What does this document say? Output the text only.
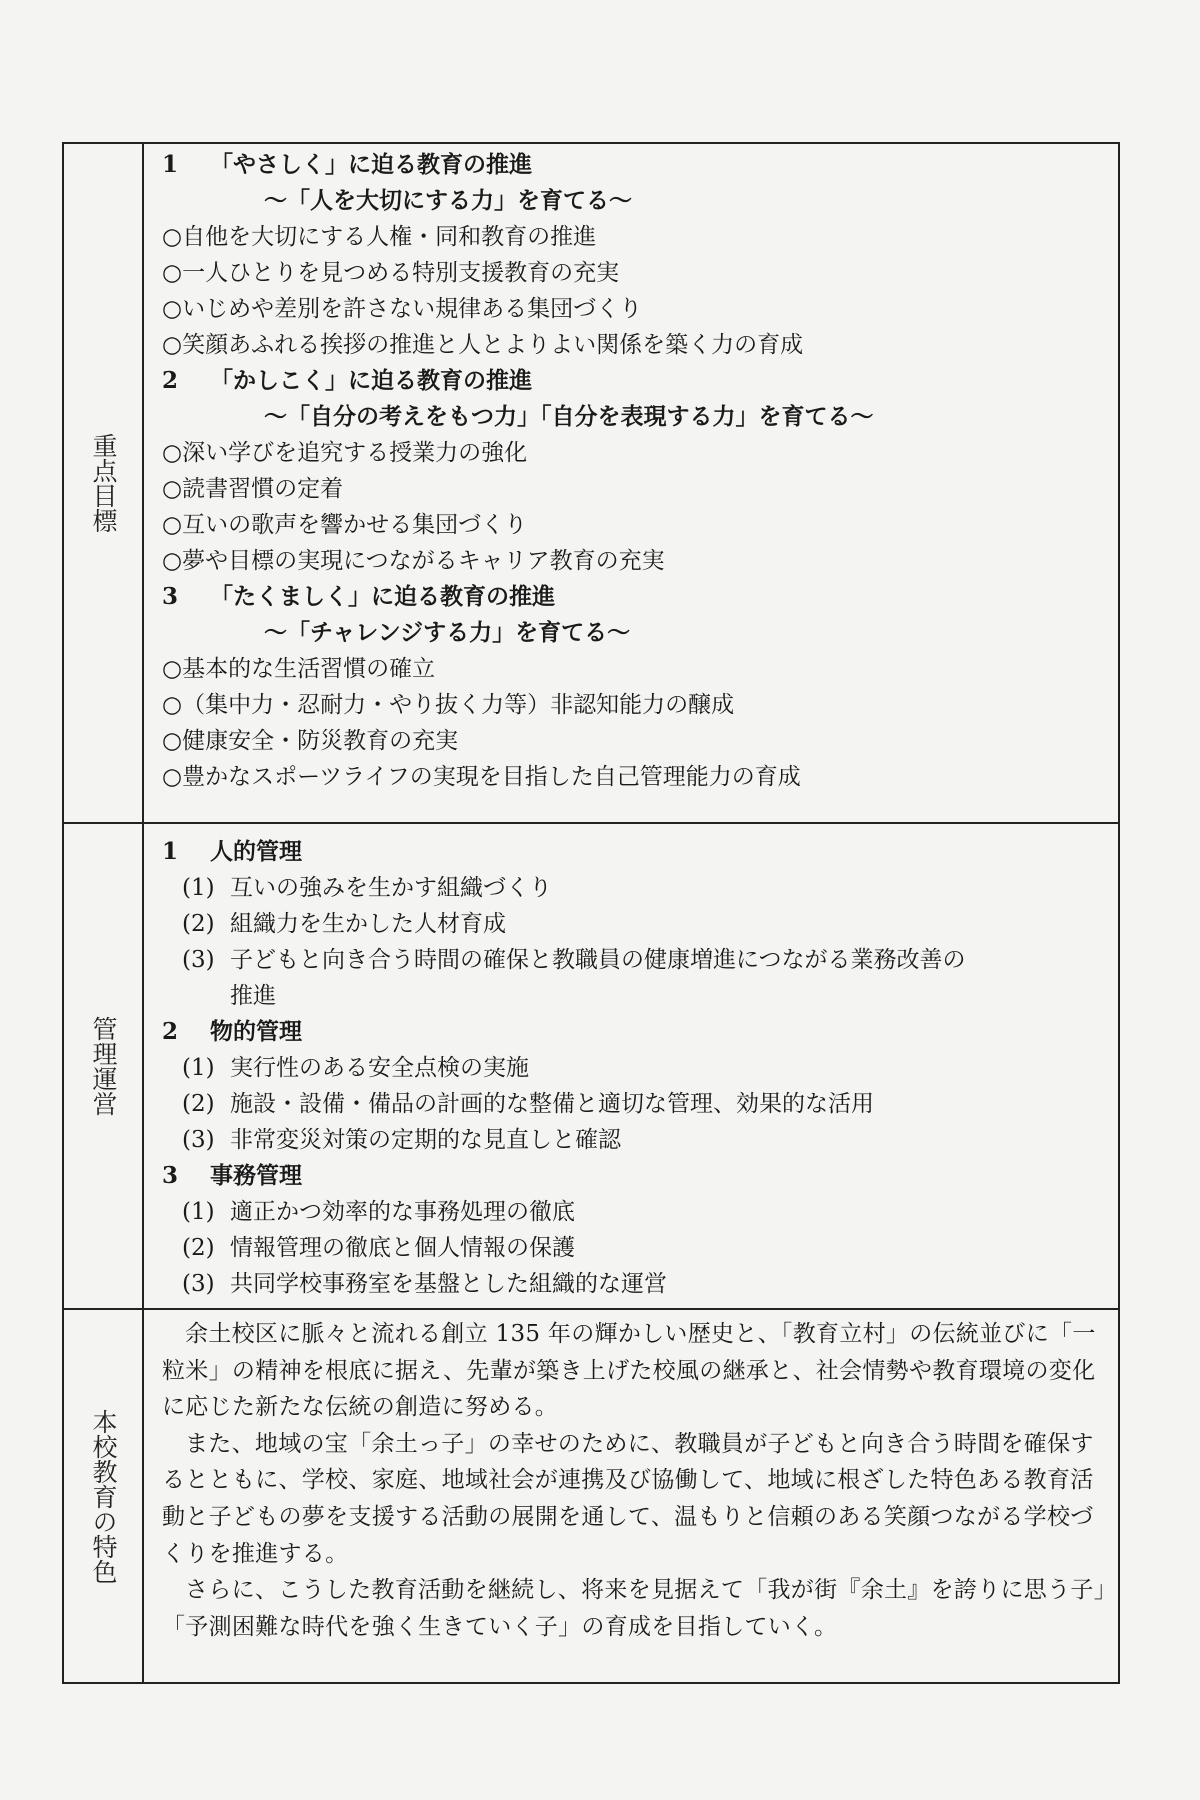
重点目標
1 「やさしく」に迫る教育の推進
～「人を大切にする力」を育てる～
○自他を大切にする人権・同和教育の推進
○一人ひとりを見つめる特別支援教育の充実
○いじめや差別を許さない規律ある集団づくり
○笑顔あふれる挨拶の推進と人とよりよい関係を築く力の育成
2 「かしこく」に迫る教育の推進
～「自分の考えをもつ力」「自分を表現する力」を育てる～
○深い学びを追究する授業力の強化
○読書習慣の定着
○互いの歌声を響かせる集団づくり
○夢や目標の実現につながるキャリア教育の充実
3 「たくましく」に迫る教育の推進
～「チャレンジする力」を育てる～
○基本的な生活習慣の確立
○（集中力・忍耐力・やり抜く力等）非認知能力の醸成
○健康安全・防災教育の充実
○豊かなスポーツライフの実現を目指した自己管理能力の育成
管理運営
1 人的管理
(1) 互いの強みを生かす組織づくり
(2) 組織力を生かした人材育成
(3) 子どもと向き合う時間の確保と教職員の健康増進につながる業務改善の
推進
2 物的管理
(1) 実行性のある安全点検の実施
(2) 施設・設備・備品の計画的な整備と適切な管理、効果的な活用
(3) 非常変災対策の定期的な見直しと確認
3 事務管理
(1) 適正かつ効率的な事務処理の徹底
(2) 情報管理の徹底と個人情報の保護
(3) 共同学校事務室を基盤とした組織的な運営
本校教育の特色

余土校区に脈々と流れる創立 135 年の輝かしい歴史と、「教育立村」の伝統並びに「一粒米」の精神を根底に据え、先輩が築き上げた校風の継承と、社会情勢や教育環境の変化に応じた新たな伝統の創造に努める。

また、地域の宝「余土っ子」の幸せのために、教職員が子どもと向き合う時間を確保するとともに、学校、家庭、地域社会が連携及び協働して、地域に根ざした特色ある教育活動と子どもの夢を支援する活動の展開を通して、温もりと信頼のある笑顔つながる学校づくりを推進する。

さらに、こうした教育活動を継続し、将来を見据えて「我が街『余土』を誇りに思う子」「予測困難な時代を強く生きていく子」の育成を目指していく。
